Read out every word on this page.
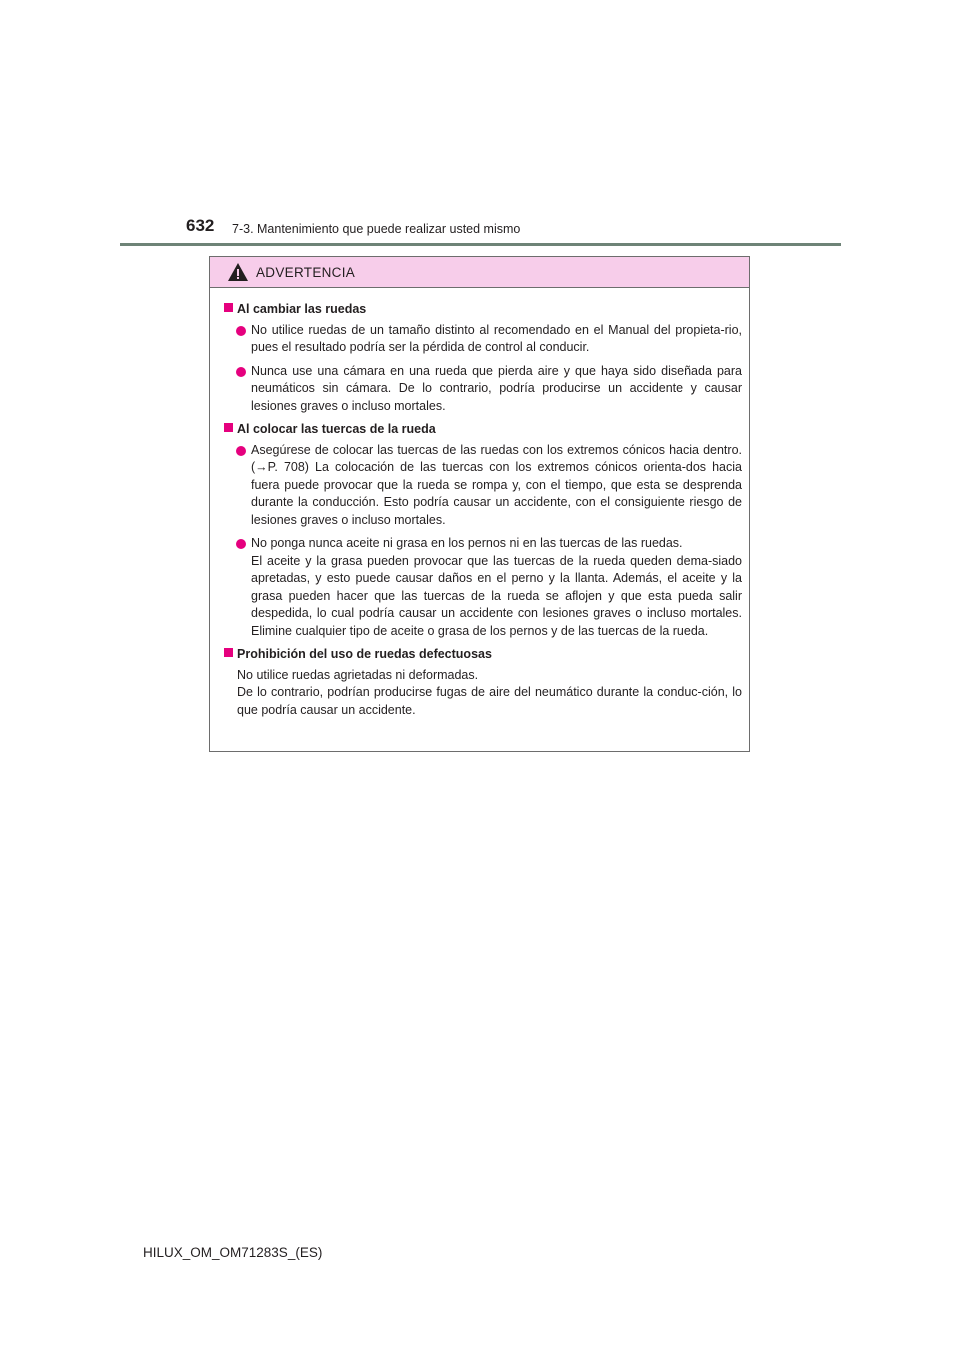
632 7-3. Mantenimiento que puede realizar usted mismo
ADVERTENCIA
Al cambiar las ruedas
No utilice ruedas de un tamaño distinto al recomendado en el Manual del propieta-rio, pues el resultado podría ser la pérdida de control al conducir.
Nunca use una cámara en una rueda que pierda aire y que haya sido diseñada para neumáticos sin cámara. De lo contrario, podría producirse un accidente y causar lesiones graves o incluso mortales.
Al colocar las tuercas de la rueda
Asegúrese de colocar las tuercas de las ruedas con los extremos cónicos hacia dentro. (→P. 708) La colocación de las tuercas con los extremos cónicos orienta-dos hacia fuera puede provocar que la rueda se rompa y, con el tiempo, que esta se desprenda durante la conducción. Esto podría causar un accidente, con el consiguiente riesgo de lesiones graves o incluso mortales.
No ponga nunca aceite ni grasa en los pernos ni en las tuercas de las ruedas.
El aceite y la grasa pueden provocar que las tuercas de la rueda queden dema-siado apretadas, y esto puede causar daños en el perno y la llanta. Además, el aceite y la grasa pueden hacer que las tuercas de la rueda se aflojen y que esta pueda salir despedida, lo cual podría causar un accidente con lesiones graves o incluso mortales. Elimine cualquier tipo de aceite o grasa de los pernos y de las tuercas de la rueda.
Prohibición del uso de ruedas defectuosas
No utilice ruedas agrietadas ni deformadas.
De lo contrario, podrían producirse fugas de aire del neumático durante la conduc-ción, lo que podría causar un accidente.
HILUX_OM_OM71283S_(ES)
